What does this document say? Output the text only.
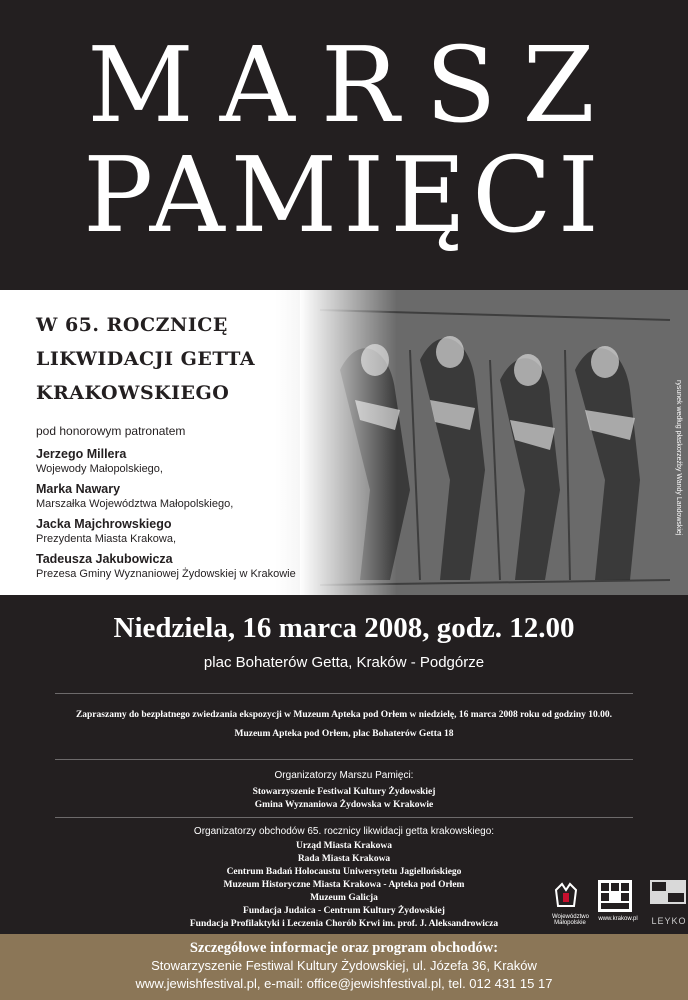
MARSZ
PAMIĘCI
W 65. ROCZNICĘ
LIKWIDACJI GETTA
KRAKOWSKIEGO
pod honorowym patronatem
Jerzego Millera
Wojewody Małopolskiego,
Marka Nawary
Marszałka Województwa Małopolskiego,
Jacka Majchrowskiego
Prezydenta Miasta Krakowa,
Tadeusza Jakubowicza
Prezesa Gminy Wyznaniowej Żydowskiej w Krakowie
rysunek według płaskorzeźby Wandy Landowskiej
Niedziela, 16 marca 2008, godz. 12.00
plac Bohaterów Getta, Kraków - Podgórze
Zapraszamy do bezpłatnego zwiedzania ekspozycji w Muzeum Apteka pod Orłem w niedzielę, 16 marca 2008 roku od godziny 10.00.
Muzeum Apteka pod Orłem, plac Bohaterów Getta 18
Organizatorzy Marszu Pamięci:
Stowarzyszenie Festiwal Kultury Żydowskiej
Gmina Wyznaniowa Żydowska w Krakowie
Organizatorzy obchodów 65. rocznicy likwidacji getta krakowskiego:
Urząd Miasta Krakowa
Rada Miasta Krakowa
Centrum Badań Holocaustu Uniwersytetu Jagiellońskiego
Muzeum Historyczne Miasta Krakowa - Apteka pod Orłem
Muzeum Galicja
Fundacja Judaica - Centrum Kultury Żydowskiej
Fundacja Profilaktyki i Leczenia Chorób Krwi im. prof. J. Aleksandrowicza
Województwo Małopolskie
www.krakow.pl LEYKO
Szczegółowe informacje oraz program obchodów:
Stowarzyszenie Festiwal Kultury Żydowskiej, ul. Józefa 36, Kraków
www.jewishfestival.pl, e-mail: office@jewishfestival.pl, tel. 012 431 15 17
